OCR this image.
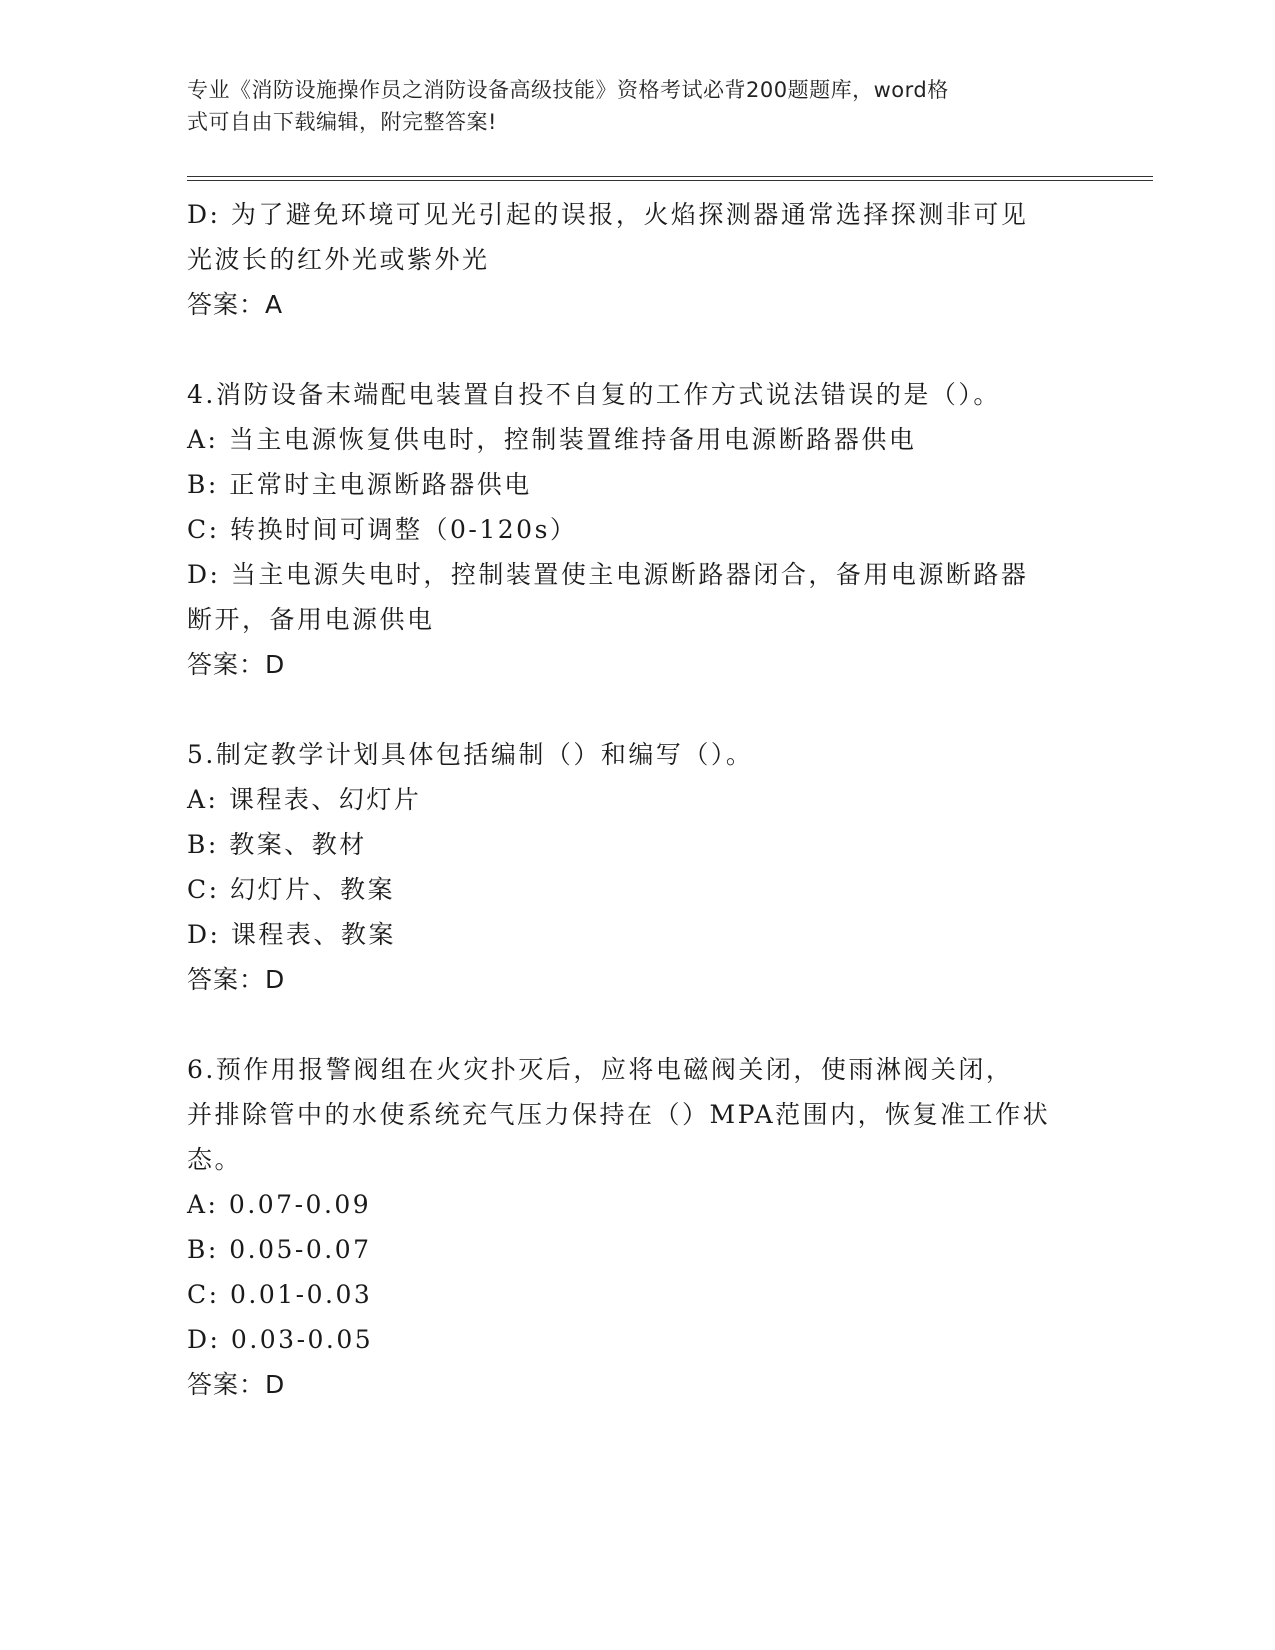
专业《消防设施操作员之消防设备高级技能》资格考试必背200题题库，word格
式可自由下载编辑，附完整答案!
D: 为了避免环境可见光引起的误报，火焰探测器通常选择探测非可见
光波长的红外光或紫外光
答案：A
4.消防设备末端配电装置自投不自复的工作方式说法错误的是（）。
A: 当主电源恢复供电时，控制装置维持备用电源断路器供电
B: 正常时主电源断路器供电
C: 转换时间可调整（0-120s）
D: 当主电源失电时，控制装置使主电源断路器闭合，备用电源断路器
断开，备用电源供电
答案：D
5.制定教学计划具体包括编制（）和编写（）。
A: 课程表、幻灯片
B: 教案、教材
C: 幻灯片、教案
D: 课程表、教案
答案：D
6.预作用报警阀组在火灾扑灭后，应将电磁阀关闭，使雨淋阀关闭，
并排除管中的水使系统充气压力保持在（）MPA范围内，恢复准工作状
态。
A: 0.07-0.09
B: 0.05-0.07
C: 0.01-0.03
D: 0.03-0.05
答案：D
